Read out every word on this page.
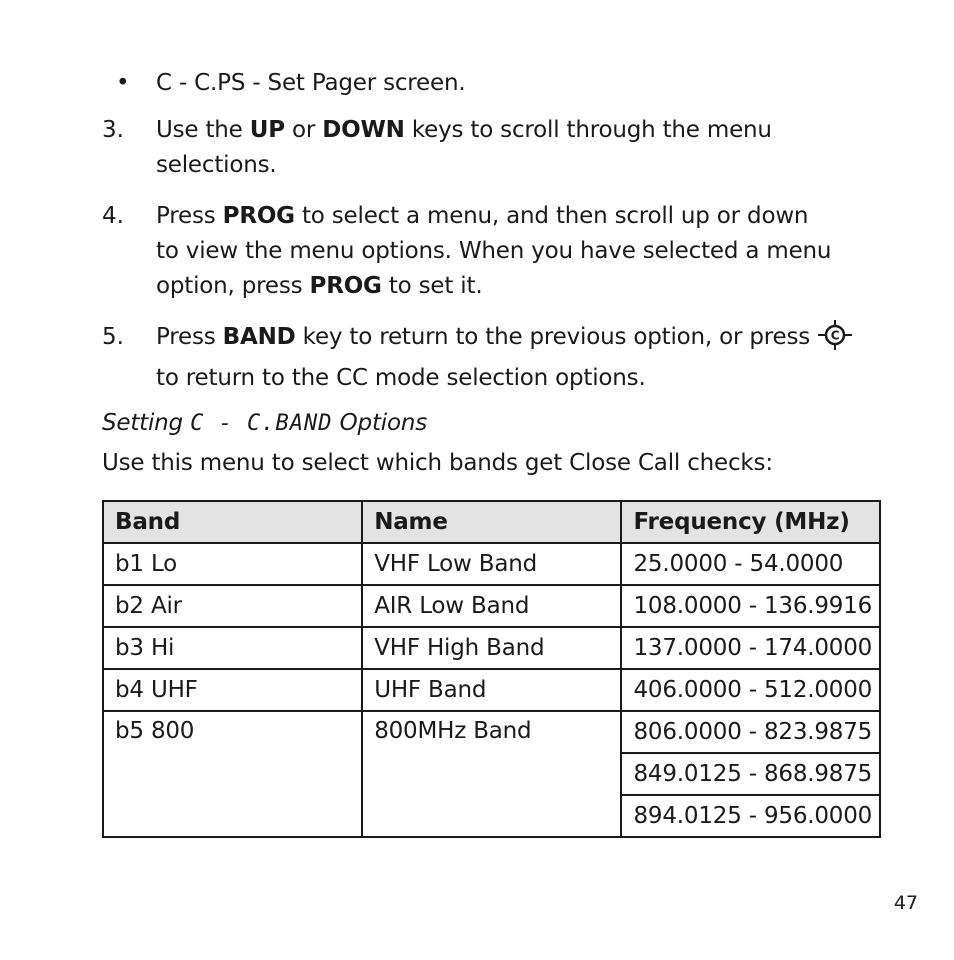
• C - C.PS - Set Pager screen.
3. Use the UP or DOWN keys to scroll through the menu
selections.
4. Press PROG to select a menu, and then scroll up or down
to view the menu options. When you have selected a menu
option, press PROG to set it.
5. Press BAND key to return to the previous option, or press C

to return to the CC mode selection options.
Setting C - C.BAND Options
Use this menu to select which bands get Close Call checks:
Band	Name	Frequency (MHz)
b1 Lo	VHF Low Band	25.0000 - 54.0000
b2 Air	AIR Low Band	108.0000 - 136.9916
b3 Hi	VHF High Band	137.0000 - 174.0000
b4 UHF	UHF Band	406.0000 - 512.0000
b5 800	800MHz Band	806.0000 - 823.9875
		849.0125 - 868.9875
		894.0125 - 956.0000
47
